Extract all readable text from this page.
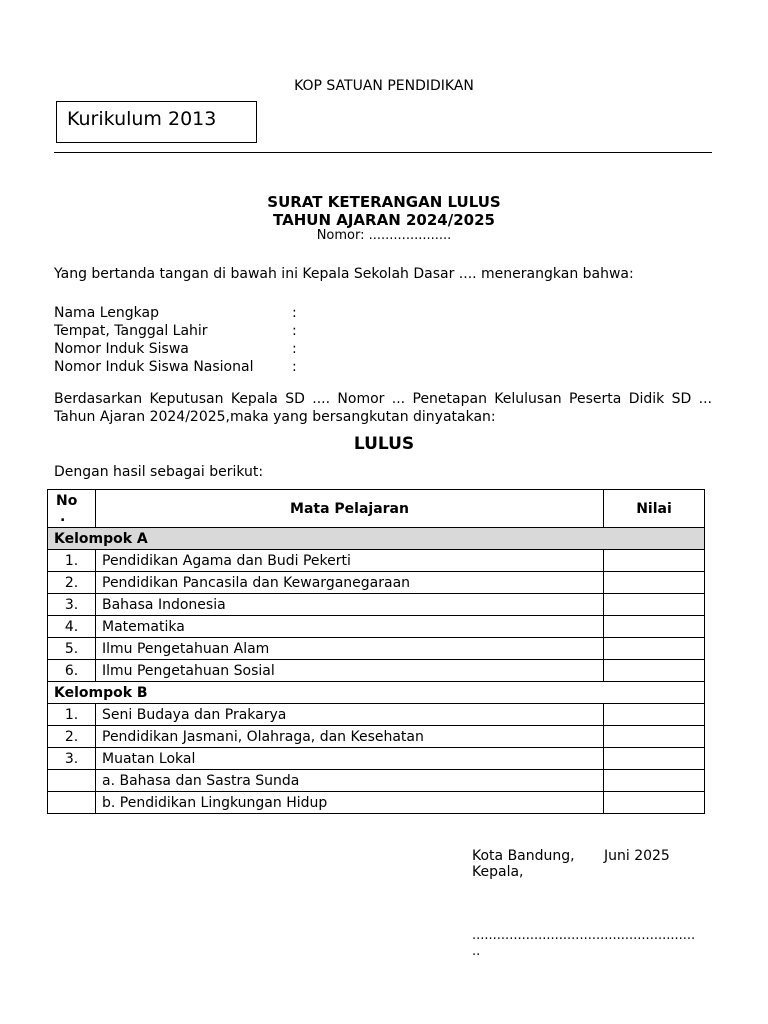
KOP SATUAN PENDIDIKAN
Kurikulum 2013
SURAT KETERANGAN LULUS
TAHUN AJARAN 2024/2025
Nomor: ....................
Yang bertanda tangan di bawah ini Kepala Sekolah Dasar .... menerangkan bahwa:
Nama Lengkap	:
Tempat, Tanggal Lahir	:
Nomor Induk Siswa	:
Nomor Induk Siswa Nasional	:
Berdasarkan Keputusan Kepala SD .... Nomor ... Penetapan Kelulusan Peserta Didik SD ...
Tahun Ajaran 2024/2025,maka yang bersangkutan dinyatakan:
LULUS
Dengan hasil sebagai berikut:
No
.	Mata Pelajaran	Nilai
Kelompok A		
1.	Pendidikan Agama dan Budi Pekerti	
2.	Pendidikan Pancasila dan Kewarganegaraan	
3.	Bahasa Indonesia	
4.	Matematika	
5.	Ilmu Pengetahuan Alam	
6.	Ilmu Pengetahuan Sosial	
Kelompok B		
1.	Seni Budaya dan Prakarya	
2.	Pendidikan Jasmani, Olahraga, dan Kesehatan	
3.	Muatan Lokal	
	a. Bahasa dan Sastra Sunda	
	b. Pendidikan Lingkungan Hidup	
Kota Bandung, Juni 2025
Kepala,
......................................................
..
